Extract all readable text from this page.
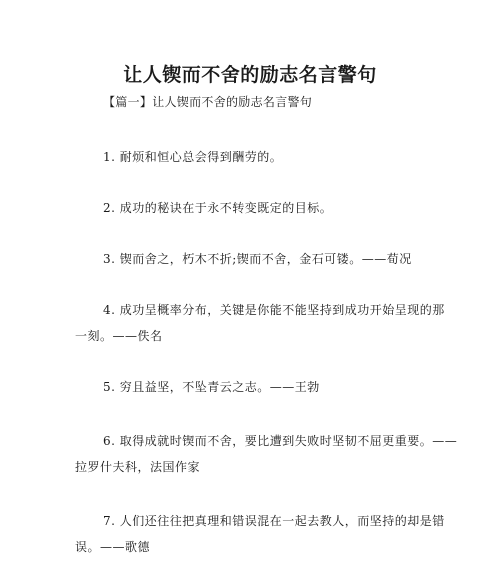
让人锲而不舍的励志名言警句
【篇一】让人锲而不舍的励志名言警句
1. 耐烦和恒心总会得到酬劳的。
2. 成功的秘诀在于永不转变既定的目标。
3. 锲而舍之，朽木不折;锲而不舍，金石可镂。——荀况
4. 成功呈概率分布，关键是你能不能坚持到成功开始呈现的那
一刻。——佚名
5. 穷且益坚，不坠青云之志。——王勃
6. 取得成就时锲而不舍，要比遭到失败时坚韧不屈更重要。——
拉罗什夫科，法国作家
7. 人们还往往把真理和错误混在一起去教人，而坚持的却是错
误。——歌德
